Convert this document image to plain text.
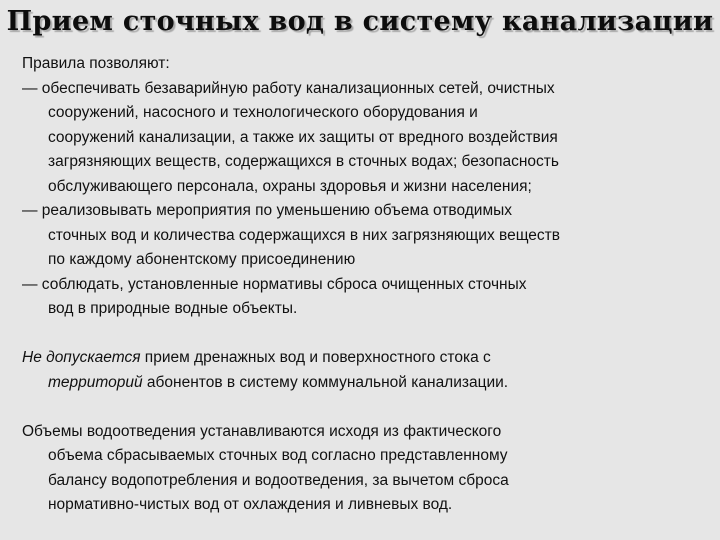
Прием сточных вод в систему канализации
Правила позволяют:
— обеспечивать безаварийную работу канализационных сетей, очистных
сооружений, насосного и технологического оборудования и
сооружений канализации, а также их защиты от вредного воздействия
загрязняющих веществ, содержащихся в сточных водах; безопасность
обслуживающего персонала, охраны здоровья и жизни населения;
— реализовывать мероприятия по уменьшению объема отводимых
сточных вод и количества содержащихся в них загрязняющих веществ
по каждому абонентскому присоединению
— соблюдать, установленные нормативы сброса очищенных сточных
вод в природные водные объекты.
Не допускается прием дренажных вод и поверхностного стока с
территорий абонентов в систему коммунальной канализации.
Объемы водоотведения устанавливаются исходя из фактического
объема сбрасываемых сточных вод согласно представленному
балансу водопотребления и водоотведения, за вычетом сброса
нормативно-чистых вод от охлаждения и ливневых вод.
